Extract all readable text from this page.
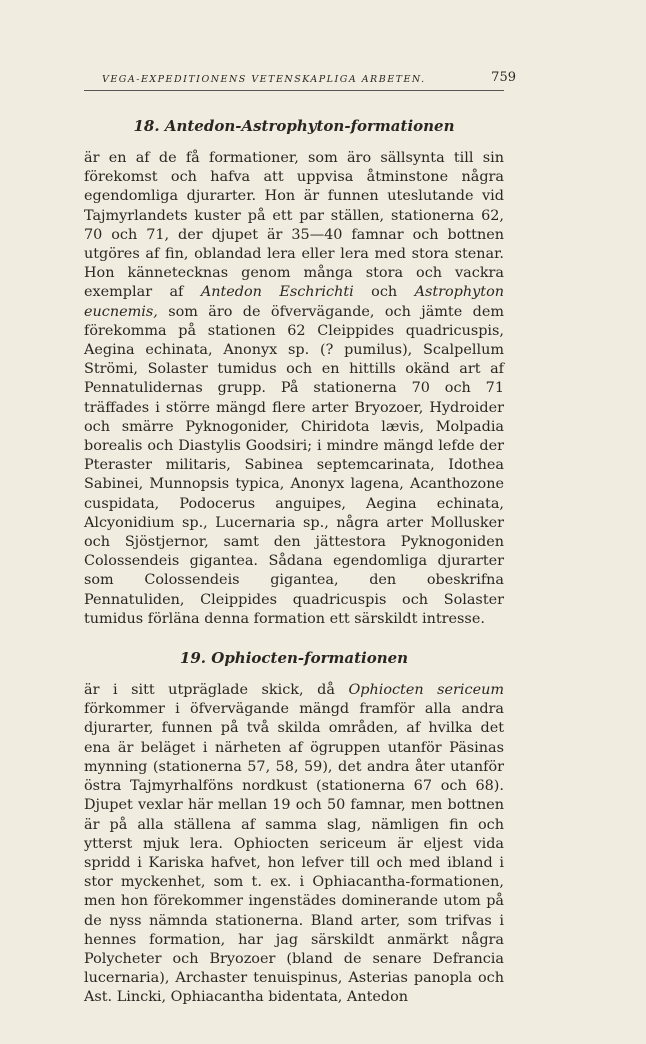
VEGA-EXPEDITIONENS VETENSKAPLIGA ARBETEN.	759
18. Antedon-Astrophyton-formationen

är en af de få formationer, som äro sällsynta till sin förekomst och hafva att uppvisa åtminstone några egendomliga djurarter. Hon är funnen uteslutande vid Tajmyrlandets kuster på ett par ställen, stationerna 62, 70 och 71, der djupet är 35—40 famnar och bottnen utgöres af fin, oblandad lera eller lera med stora stenar. Hon kännetecknas genom många stora och vackra exemplar af Antedon Eschrichti och Astrophyton eucnemis, som äro de öfvervägande, och jämte dem förekomma på stationen 62 Cleippides quadricuspis, Aegina echinata, Anonyx sp. (? pumilus), Scalpellum Strömi, Solaster tumidus och en hittills okänd art af Pennatulidernas grupp. På stationerna 70 och 71 träffades i större mängd flere arter Bryozoer, Hydroider och smärre Pyknogonider, Chiridota lævis, Molpadia borealis och Diastylis Goodsiri; i mindre mängd lefde der Pteraster militaris, Sabinea septemcarinata, Idothea Sabinei, Munnopsis typica, Anonyx lagena, Acanthozone cuspidata, Podocerus anguipes, Aegina echinata, Alcyonidium sp., Lucernaria sp., några arter Mollusker och Sjöstjernor, samt den jättestora Pyknogoniden Colossendeis gigantea. Sådana egendomliga djurarter som Colossendeis gigantea, den obeskrifna Pennatuliden, Cleippides quadricuspis och Solaster tumidus förläna denna formation ett särskildt intresse.

19. Ophiocten-formationen

är i sitt utpräglade skick, då Ophiocten sericeum förkommer i öfvervägande mängd framför alla andra djurarter, funnen på två skilda områden, af hvilka det ena är beläget i närheten af ögruppen utanför Päsinas mynning (stationerna 57, 58, 59), det andra åter utanför östra Tajmyrhalföns nordkust (stationerna 67 och 68). Djupet vexlar här mellan 19 och 50 famnar, men bottnen är på alla ställena af samma slag, nämligen fin och ytterst mjuk lera. Ophiocten sericeum är eljest vida spridd i Kariska hafvet, hon lefver till och med ibland i stor myckenhet, som t. ex. i Ophiacantha-formationen, men hon förekommer ingenstädes dominerande utom på de nyss nämnda stationerna. Bland arter, som trifvas i hennes formation, har jag särskildt anmärkt några Polycheter och Bryozoer (bland de senare Defrancia lucernaria), Archaster tenuispinus, Asterias panopla och Ast. Lincki, Ophiacantha bidentata, Antedon
